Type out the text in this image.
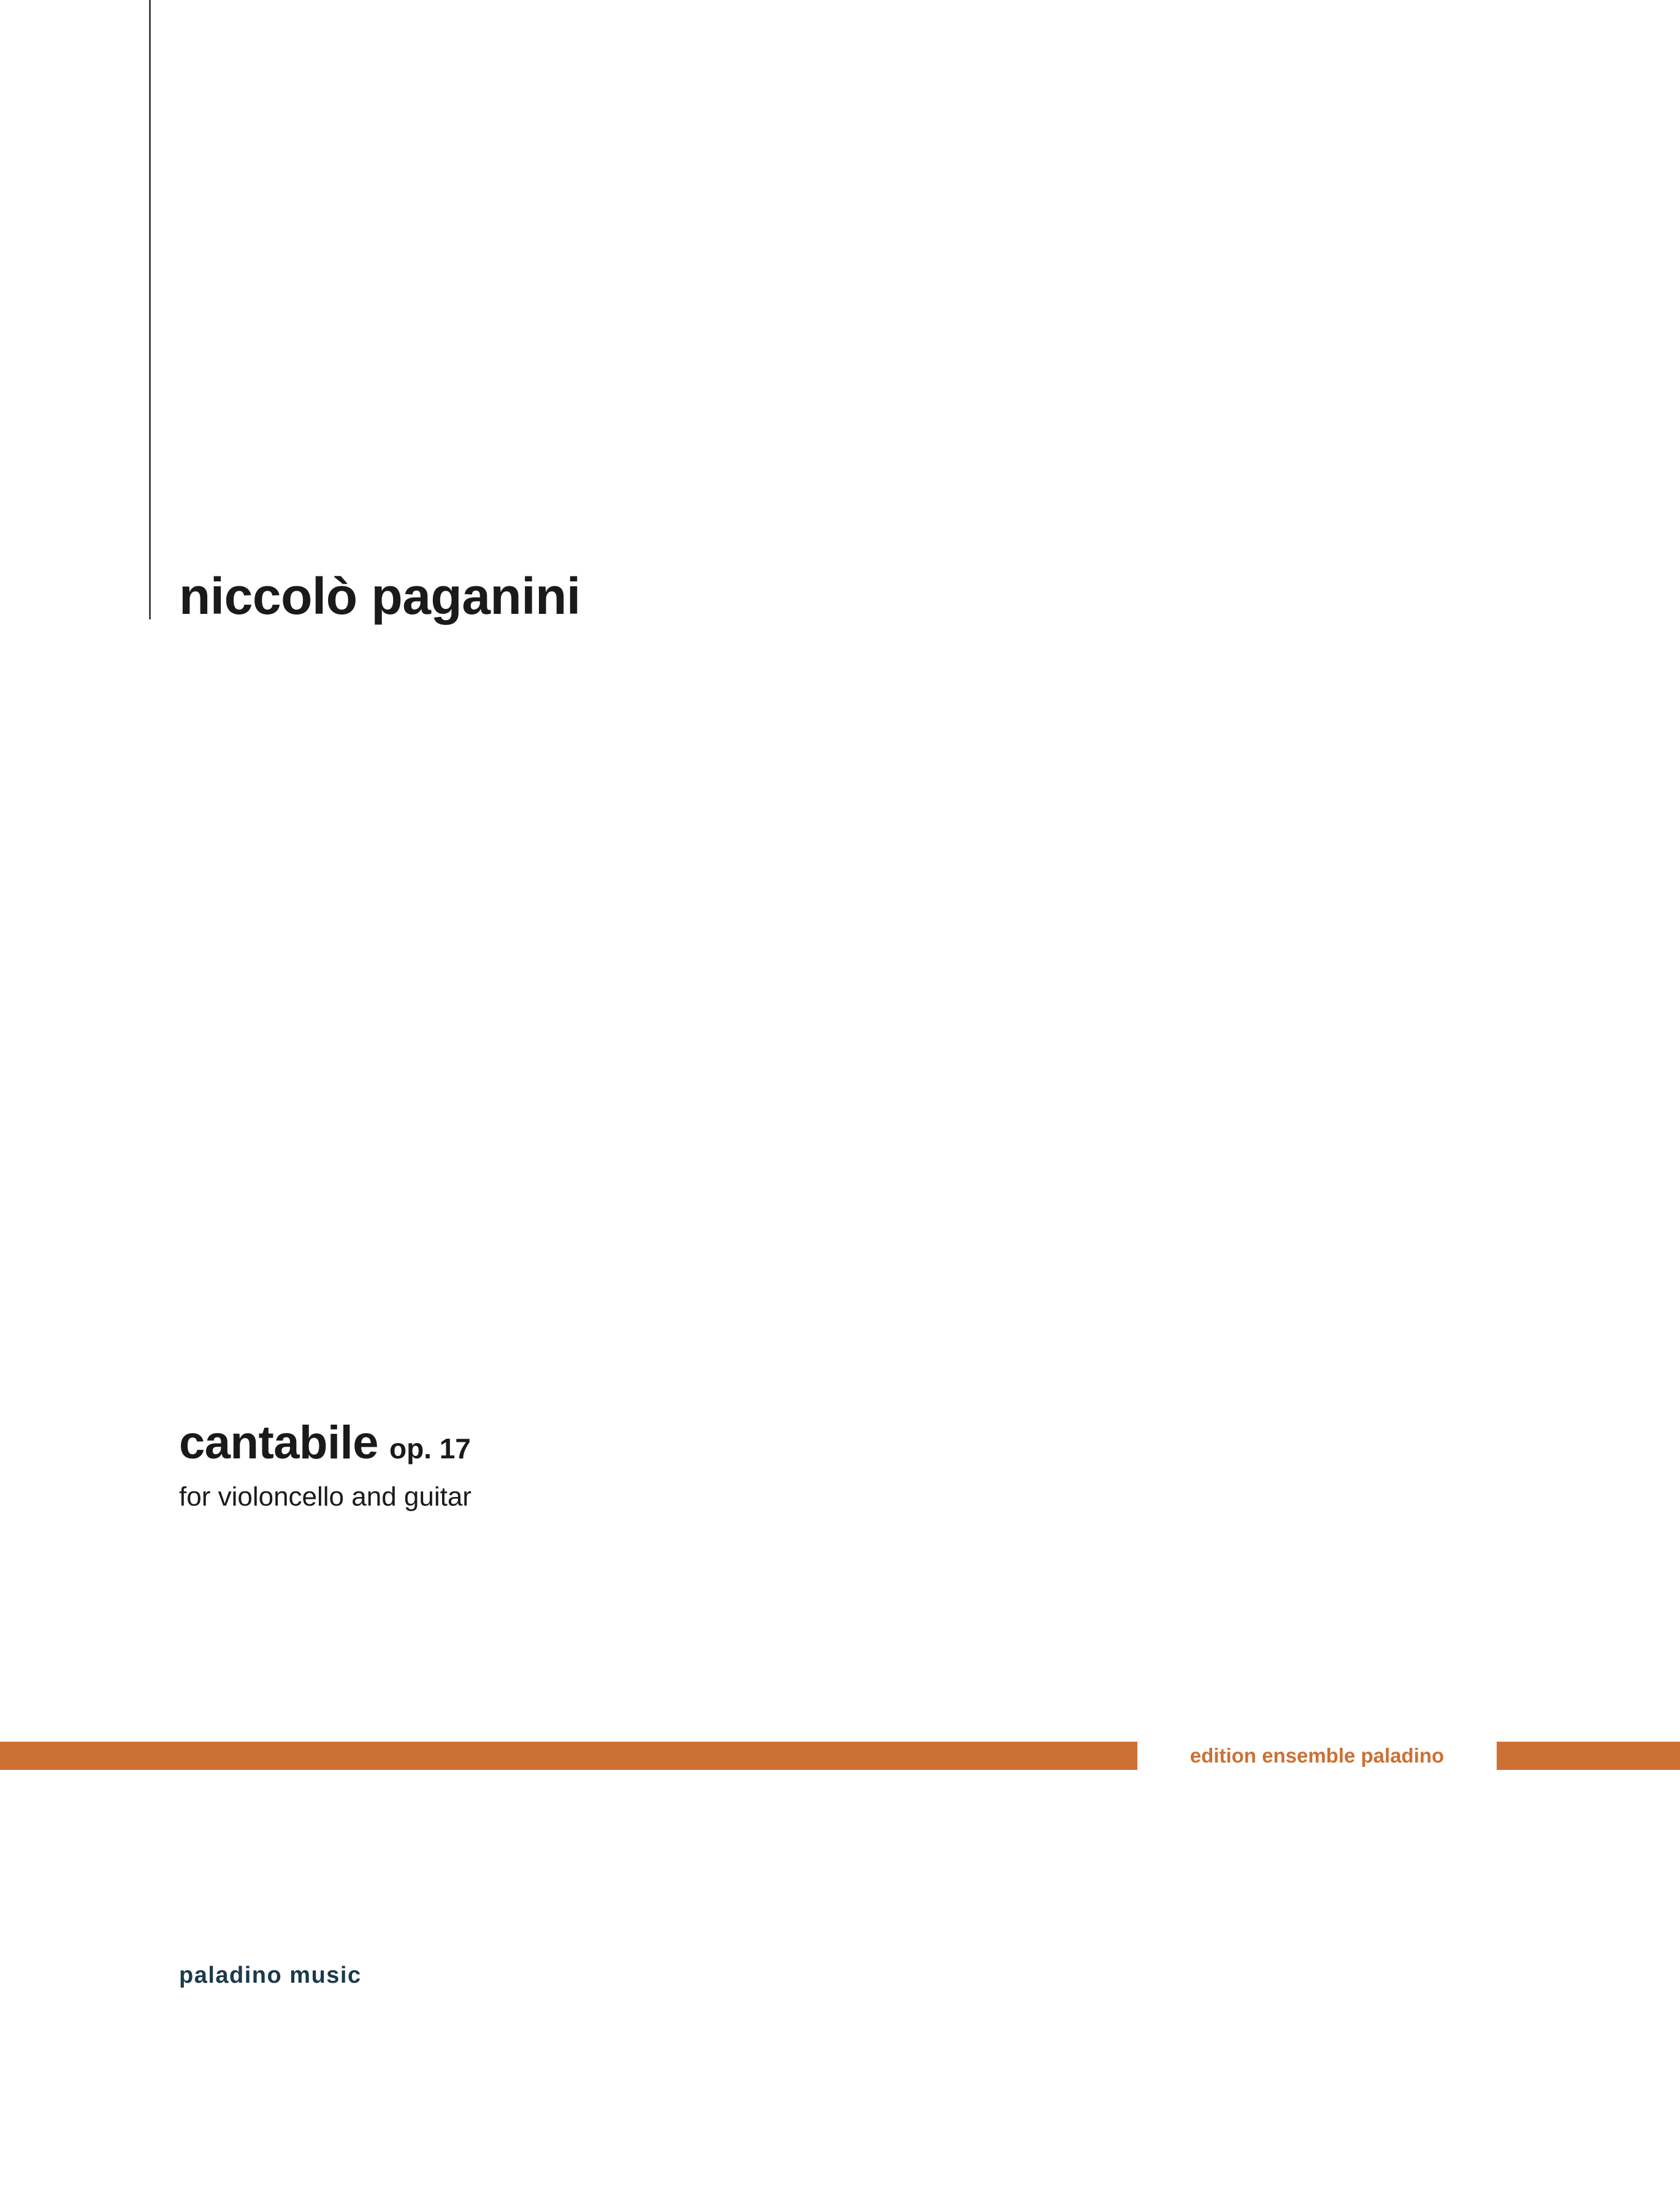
niccolò paganini
cantabile op. 17
for violoncello and guitar
edition ensemble paladino
paladino music
